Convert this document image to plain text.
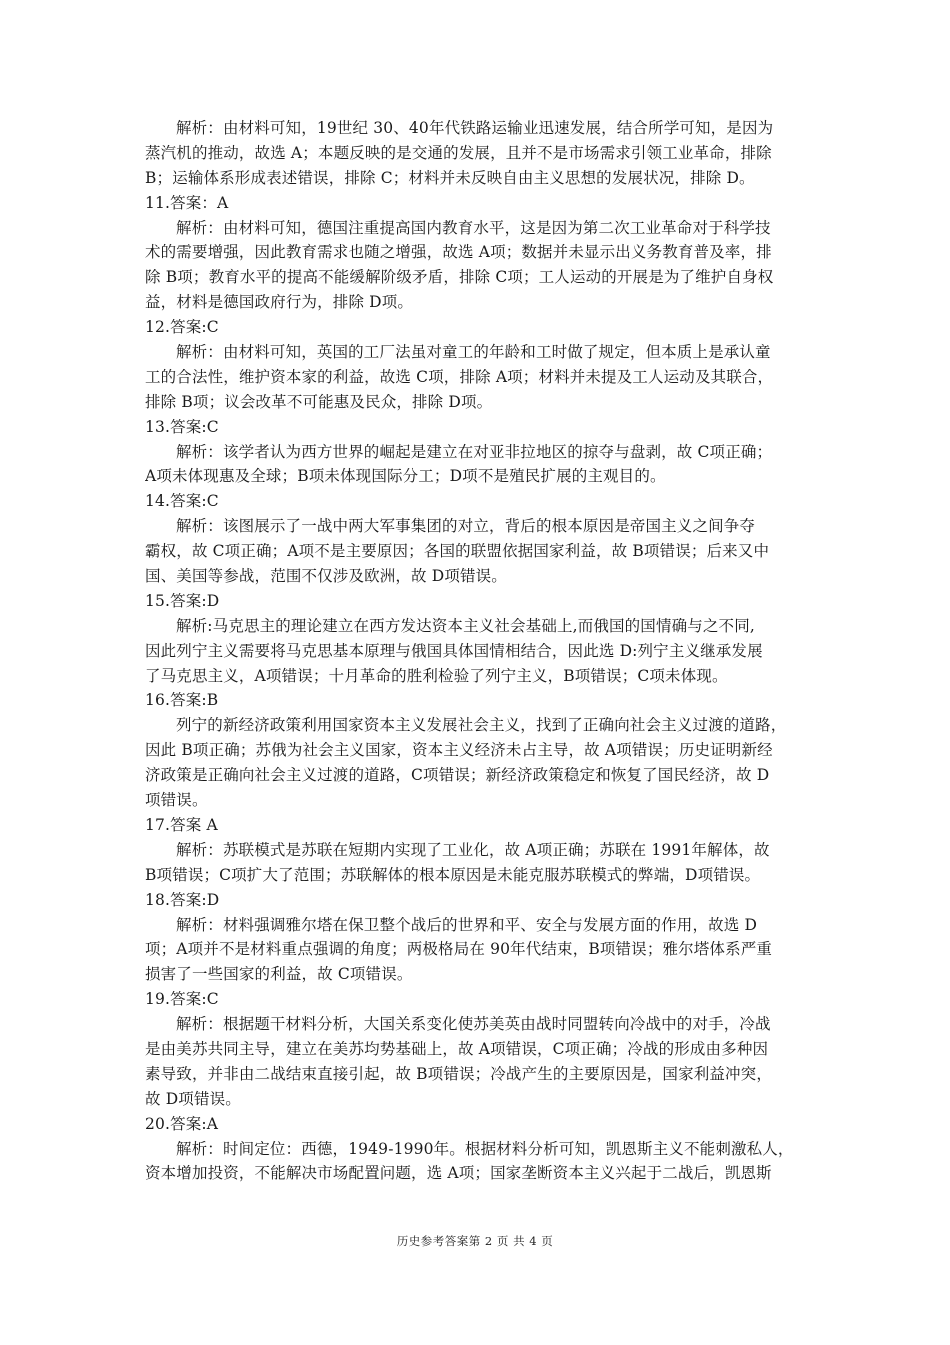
解析：由材料可知，19世纪 30、40年代铁路运输业迅速发展，结合所学可知，是因为
蒸汽机的推动，故选 A；本题反映的是交通的发展，且并不是市场需求引领工业革命，排除
B；运输体系形成表述错误，排除 C；材料并未反映自由主义思想的发展状况，排除 D。
11.答案：A
解析：由材料可知，德国注重提高国内教育水平，这是因为第二次工业革命对于科学技
术的需要增强，因此教育需求也随之增强，故选 A项；数据并未显示出义务教育普及率，排
除 B项；教育水平的提高不能缓解阶级矛盾，排除 C项；工人运动的开展是为了维护自身权
益，材料是德国政府行为，排除 D项。
12.答案:C
解析：由材料可知，英国的工厂法虽对童工的年龄和工时做了规定，但本质上是承认童
工的合法性，维护资本家的利益，故选 C项，排除 A项；材料并未提及工人运动及其联合，
排除 B项；议会改革不可能惠及民众，排除 D项。
13.答案:C
解析：该学者认为西方世界的崛起是建立在对亚非拉地区的掠夺与盘剥，故 C项正确；
A项未体现惠及全球；B项未体现国际分工；D项不是殖民扩展的主观目的。
14.答案:C
解析：该图展示了一战中两大军事集团的对立，背后的根本原因是帝国主义之间争夺
霸权，故 C项正确；A项不是主要原因；各国的联盟依据国家利益，故 B项错误；后来又中
国、美国等参战，范围不仅涉及欧洲，故 D项错误。
15.答案:D
解析:马克思主的理论建立在西方发达资本主义社会基础上,而俄国的国情确与之不同,
因此列宁主义需要将马克思基本原理与俄国具体国情相结合，因此选 D:列宁主义继承发展
了马克思主义，A项错误；十月革命的胜利检验了列宁主义，B项错误；C项未体现。
16.答案:B
列宁的新经济政策利用国家资本主义发展社会主义，找到了正确向社会主义过渡的道路，
因此 B项正确；苏俄为社会主义国家，资本主义经济未占主导，故 A项错误；历史证明新经
济政策是正确向社会主义过渡的道路，C项错误；新经济政策稳定和恢复了国民经济，故 D
项错误。
17.答案 A
解析：苏联模式是苏联在短期内实现了工业化，故 A项正确；苏联在 1991年解体，故
B项错误；C项扩大了范围；苏联解体的根本原因是未能克服苏联模式的弊端，D项错误。
18.答案:D
解析：材料强调雅尔塔在保卫整个战后的世界和平、安全与发展方面的作用，故选 D
项；A项并不是材料重点强调的角度；两极格局在 90年代结束，B项错误；雅尔塔体系严重
损害了一些国家的利益，故 C项错误。
19.答案:C
解析：根据题干材料分析，大国关系变化使苏美英由战时同盟转向冷战中的对手，冷战
是由美苏共同主导，建立在美苏均势基础上，故 A项错误，C项正确；冷战的形成由多种因
素导致，并非由二战结束直接引起，故 B项错误；冷战产生的主要原因是，国家利益冲突，
故 D项错误。
20.答案:A
解析：时间定位：西德，1949-1990年。根据材料分析可知，凯恩斯主义不能刺激私人，
资本增加投资，不能解决市场配置问题，选 A项；国家垄断资本主义兴起于二战后，凯恩斯
历史参考答案第 2 页 共 4 页
